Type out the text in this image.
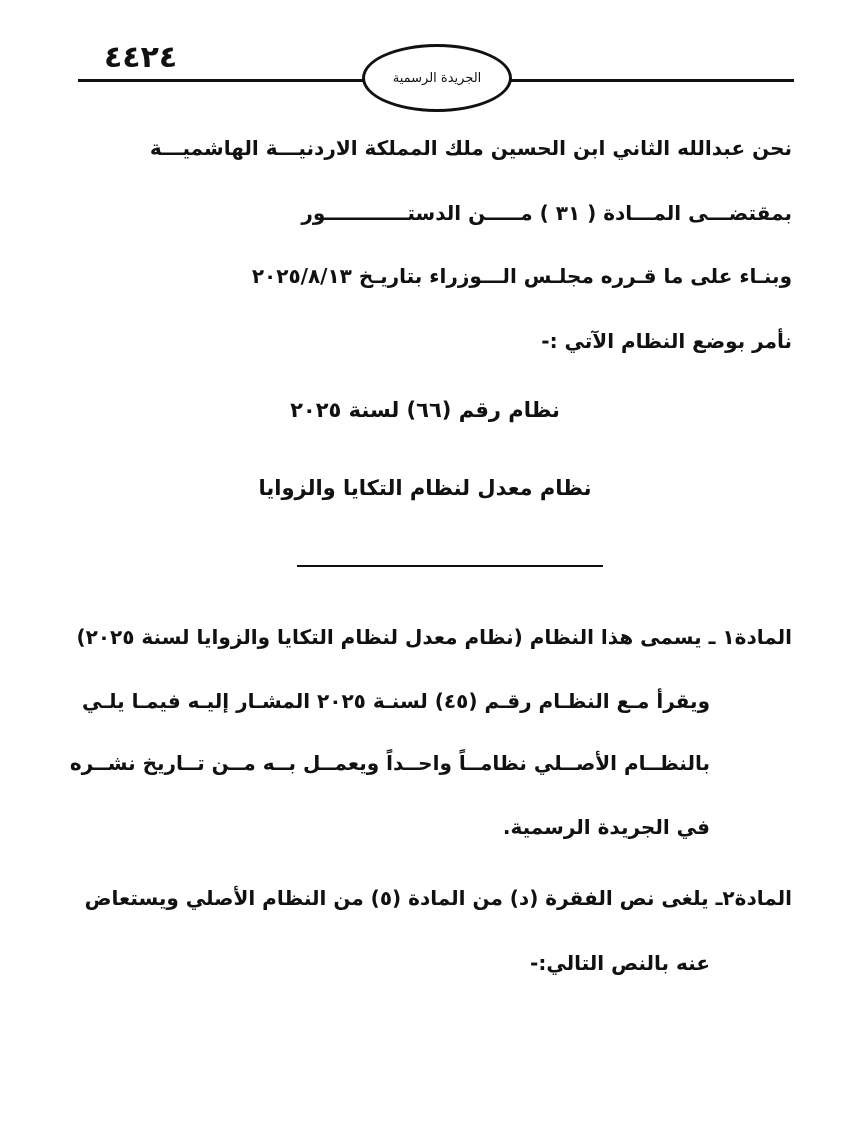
٤٤٢٤
الجريدة الرسمية
نحن عبدالله الثاني ابن الحسين ملك المملكة الاردنيـــة الهاشميـــة
بمقتضـــى المـــادة ( ٣١ ) مـــــن الدستــــــــــــور
وبنـاء على ما قـرره مجلـس الـــوزراء بتاريـخ ٢٠٢٥/٨/١٣
نأمر بوضع النظام الآتي :-
نظام رقم (٦٦) لسنة ٢٠٢٥
نظام معدل لنظام التكايا والزوايا
المادة١ ـ يسمى هذا النظام (نظام معدل لنظام التكايا والزوايا لسنة ٢٠٢٥)
ويقرأ مـع النظـام رقـم (٤٥) لسنـة ٢٠٢٥ المشـار إليـه فيمـا يلـي
بالنظــام الأصــلي نظامــاً واحــداً ويعمــل بــه مــن تــاريخ نشــره
في الجريدة الرسمية.
المادة٢ـ يلغى نص الفقرة (د) من المادة (٥) من النظام الأصلي ويستعاض
عنه بالنص التالي:-
